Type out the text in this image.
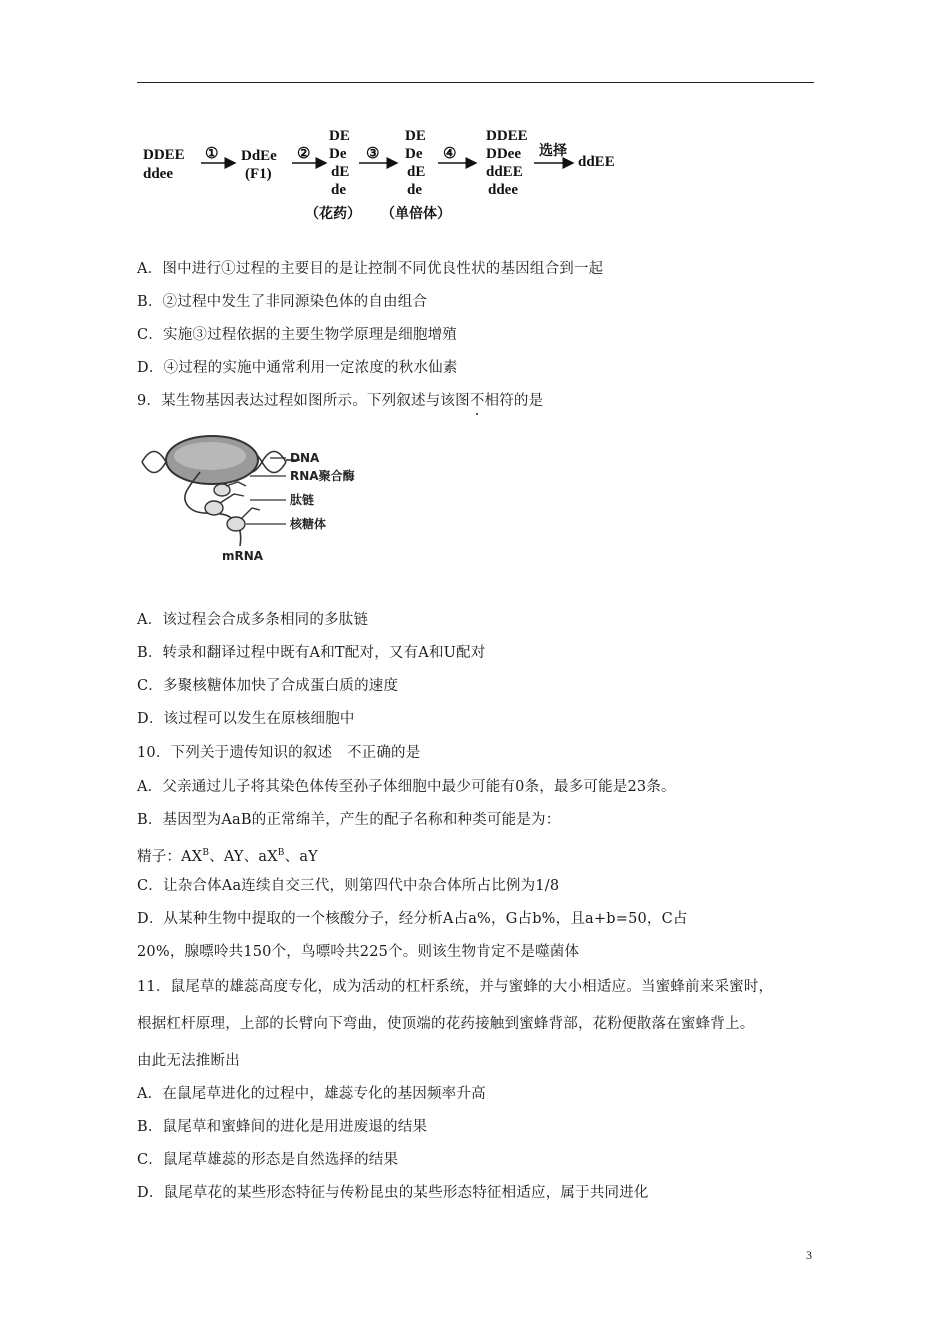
DDEE
ddee
① DdEe
(F1)
②
DE
De
dE
de
③
DE
De
dE
de
④
DDEE
DDee
ddEE
ddee
选择
ddEE
（花药） （单倍体）
A．图中进行①过程的主要目的是让控制不同优良性状的基因组合到一起
B．②过程中发生了非同源染色体的自由组合
C．实施③过程依据的主要生物学原理是细胞增殖
D．④过程的实施中通常利用一定浓度的秋水仙素
9．某生物基因表达过程如图所示。下列叙述与该图不相符的是
DNA
RNA聚合酶
肽链
核糖体
mRNA
A．该过程会合成多条相同的多肽链
B．转录和翻译过程中既有A和T配对，又有A和U配对
C．多聚核糖体加快了合成蛋白质的速度
D．该过程可以发生在原核细胞中
10．下列关于遗传知识的叙述　不正确的是
A．父亲通过儿子将其染色体传至孙子体细胞中最少可能有0条，最多可能是23条。
B．基因型为AaB的正常绵羊，产生的配子名称和种类可能是为：
精子：$AX^B$、AY、$aX^B$、aY
C．让杂合体Aa连续自交三代，则第四代中杂合体所占比例为1/8
D．从某种生物中提取的一个核酸分子，经分析A占a%，G占b%，且a+b=50，C占
20%，腺嘌呤共150个，鸟嘌呤共225个。则该生物肯定不是噬菌体
11．鼠尾草的雄蕊高度专化，成为活动的杠杆系统，并与蜜蜂的大小相适应。当蜜蜂前来采蜜时，
根据杠杆原理，上部的长臂向下弯曲，使顶端的花药接触到蜜蜂背部，花粉便散落在蜜蜂背上。
由此无法推断出
A．在鼠尾草进化的过程中，雄蕊专化的基因频率升高
B．鼠尾草和蜜蜂间的进化是用进废退的结果
C．鼠尾草雄蕊的形态是自然选择的结果
D．鼠尾草花的某些形态特征与传粉昆虫的某些形态特征相适应，属于共同进化
3
